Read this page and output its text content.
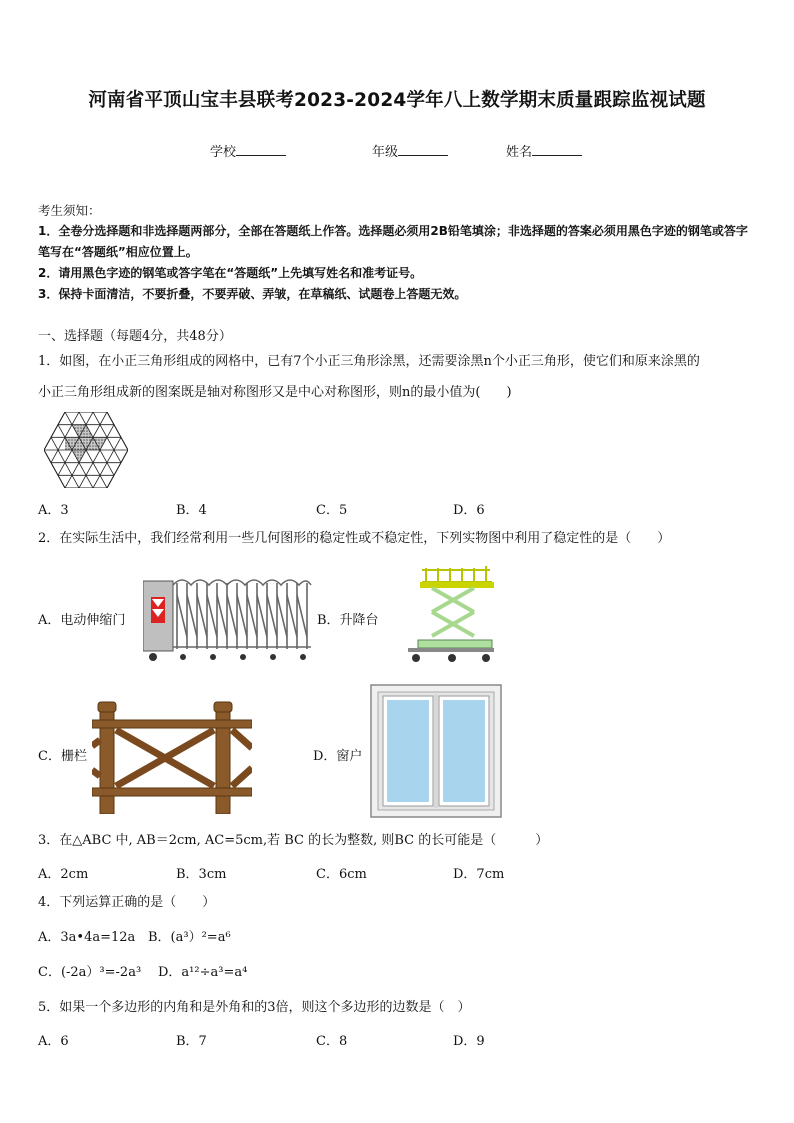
河南省平顶山宝丰县联考2023-2024学年八上数学期末质量跟踪监视试题
学校	年级	姓名
考生须知：
1．全卷分选择题和非选择题两部分，全部在答题纸上作答。选择题必须用2B铅笔填涂；非选择题的答案必须用黑色字迹的钢笔或答字笔写在“答题纸”相应位置上。
2．请用黑色字迹的钢笔或答字笔在“答题纸”上先填写姓名和准考证号。
3．保持卡面清洁，不要折叠，不要弄破、弄皱，在草稿纸、试题卷上答题无效。
一、选择题（每题4分，共48分）
1．如图，在小正三角形组成的网格中，已有7个小正三角形涂黑，还需要涂黑n个小正三角形，使它们和原来涂黑的
小正三角形组成新的图案既是轴对称图形又是中心对称图形，则n的最小值为(　　)
A．3	B．4	C．5	D．6
2．在实际生活中，我们经常利用一些几何图形的稳定性或不稳定性，下列实物图中利用了稳定性的是（　　）
A．电动伸缩门	B．升降台
C．栅栏	D．窗户
3．在△ABC 中, AB＝2cm, AC=5cm,若 BC 的长为整数, 则BC 的长可能是（　　　）
A．2cm	B．3cm	C．6cm	D．7cm
4．下列运算正确的是（　　）
A．3a•4a=12a B．(a³）²=a⁶
C．(-2a）³=-2a³ D．a¹²÷a³=a⁴
5．如果一个多边形的内角和是外角和的3倍，则这个多边形的边数是（　）
A．6	B．7	C．8	D．9
